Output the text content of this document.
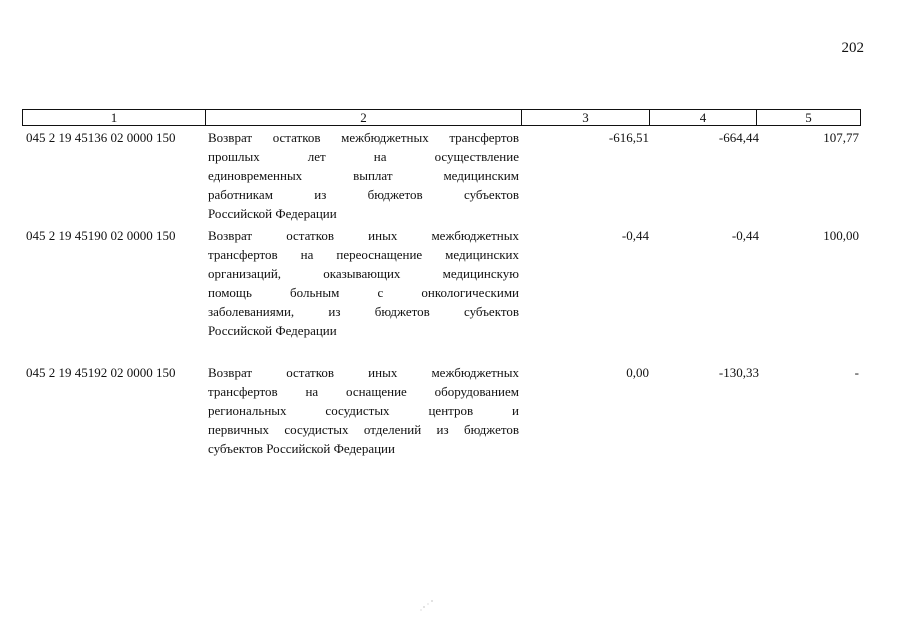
202
1	2	3	4	5
045 2 19 45136 02 0000 150	Возврат остатков межбюджетных трансфертов
прошлых лет на осуществление
единовременных выплат медицинским
работникам из бюджетов субъектов
Российской Федерации
-616,51	-664,44	107,77
045 2 19 45190 02 0000 150	Возврат остатков иных межбюджетных
трансфертов на переоснащение медицинских
организаций, оказывающих медицинскую
помощь больным с онкологическими
заболеваниями, из бюджетов субъектов
Российской Федерации
-0,44	-0,44	100,00
045 2 19 45192 02 0000 150	Возврат остатков иных межбюджетных
трансфертов на оснащение оборудованием
региональных сосудистых центров и
первичных сосудистых отделений из бюджетов
субъектов Российской Федерации
0,00	-130,33	-
